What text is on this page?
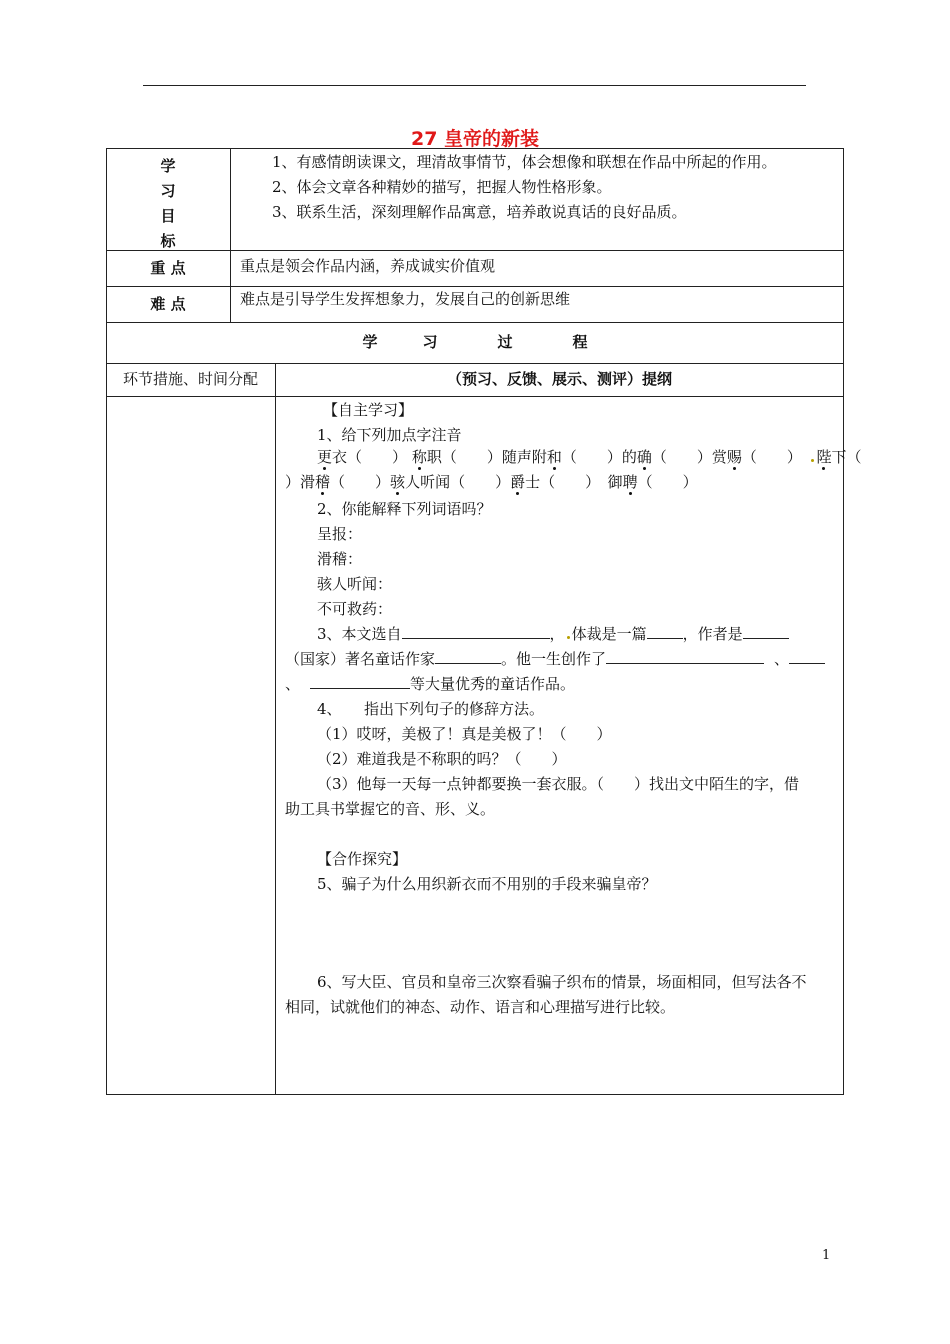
27 皇帝的新装
学
习
目
标
1、有感情朗读课文，理清故事情节，体会想像和联想在作品中所起的作用。
2、体会文章各种精妙的描写，把握人物性格形象。
3、联系生活，深刻理解作品寓意，培养敢说真话的良好品质。
重 点	重点是领会作品内涵，养成诚实价值观
难 点	难点是引导学生发挥想象力，发展自己的创新思维
学　　　习　　　　过　　　　程
环节措施、时间分配	（预习、反馈、展示、测评）提纲
【自主学习】
1、给下列加点字注音
更衣（　　） 称职（　　）随声附和（　　）的确（　　）赏赐（　　）　陛下（
）滑稽（　　）骇人听闻（　　）爵士（　　）　御聘（　　）
2、你能解释下列词语吗？
呈报：
滑稽：
骇人听闻：
不可救药：
3、本文选自	， 体裁是一篇 ，作者是
（国家）著名童话作家	。他一生创作了	、
、	等大量优秀的童话作品。
4、　　指出下列句子的修辞方法。
（1）哎呀，美极了！真是美极了！（　　）
（2）难道我是不称职的吗？（　　）
（3）他每一天每一点钟都要换一套衣服。（　　）找出文中陌生的字，借
助工具书掌握它的音、形、义。
【合作探究】
5、骗子为什么用织新衣而不用别的手段来骗皇帝？
6、写大臣、官员和皇帝三次察看骗子织布的情景，场面相同，但写法各不
相同，试就他们的神态、动作、语言和心理描写进行比较。
1
